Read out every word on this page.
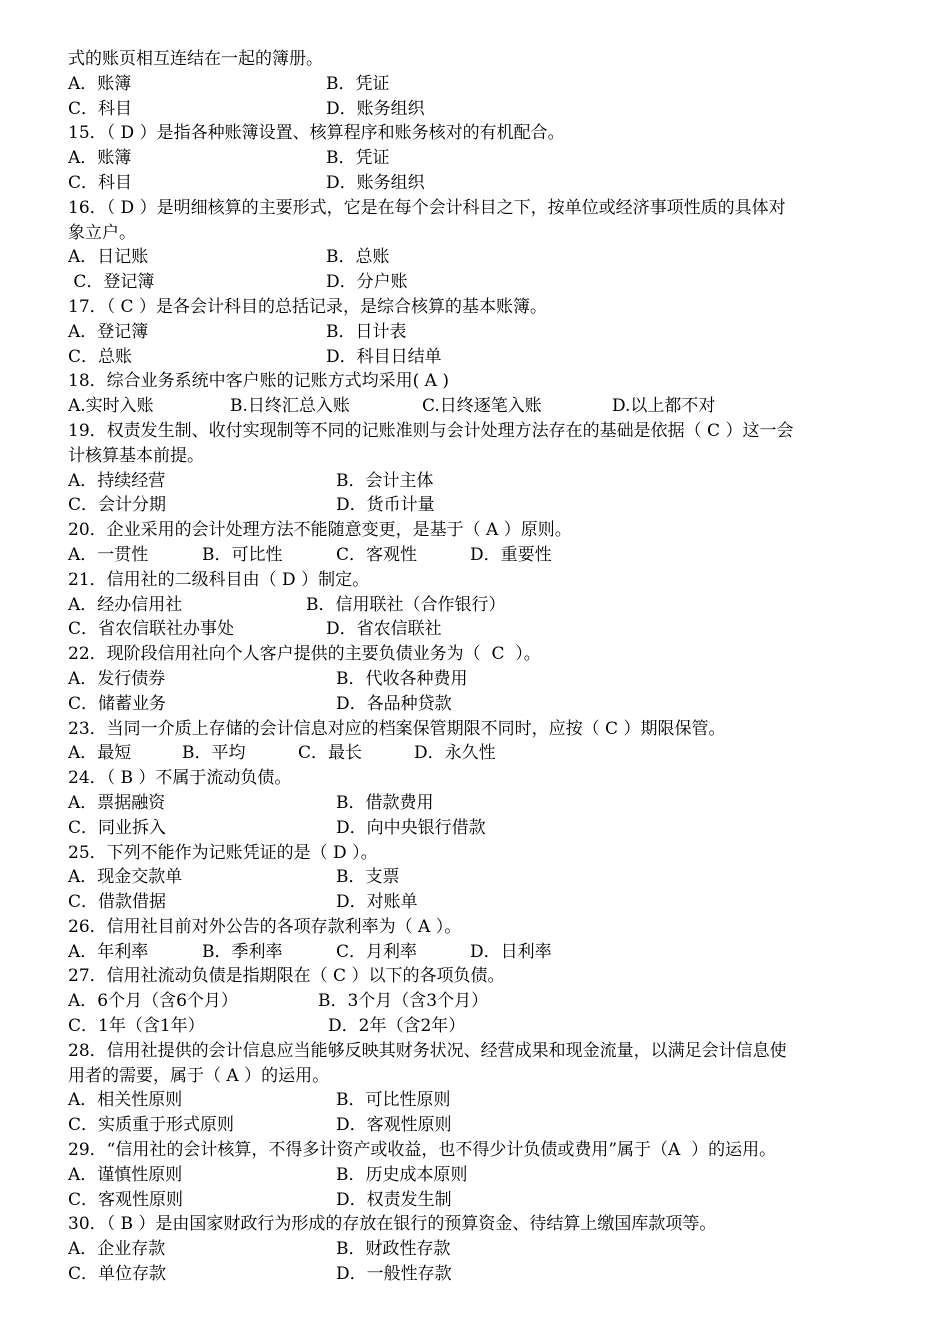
式的账页相互连结在一起的簿册。
A．账簿	B．凭证
C．科目	D．账务组织
15．（ D ）是指各种账簿设置、核算程序和账务核对的有机配合。
A．账簿	B．凭证
C．科目	D．账务组织
16．（ D ）是明细核算的主要形式，它是在每个会计科目之下，按单位或经济事项性质的具体对
象立户。
A．日记账	B．总账
C．登记簿	D．分户账
17．（ C ）是各会计科目的总括记录，是综合核算的基本账簿。
A．登记簿	B．日计表
C．总账	D．科目日结单
18．综合业务系统中客户账的记账方式均采用( A )
A.实时入账	B.日终汇总入账	C.日终逐笔入账	D.以上都不对
19．权责发生制、收付实现制等不同的记账准则与会计处理方法存在的基础是依据（ C ）这一会
计核算基本前提。
A．持续经营	B．会计主体
C．会计分期	D．货币计量
20．企业采用的会计处理方法不能随意变更，是基于（ A ）原则。
A．一贯性	B．可比性	C．客观性	D．重要性
21．信用社的二级科目由（ D ）制定。
A．经办信用社	B．信用联社（合作银行）
C．省农信联社办事处	D．省农信联社
22．现阶段信用社向个人客户提供的主要负债业务为（  C  ）。
A．发行债券	B．代收各种费用
C．储蓄业务	D．各品种贷款
23．当同一介质上存储的会计信息对应的档案保管期限不同时，应按（ C ）期限保管。
A．最短	B．平均	C．最长	D．永久性
24．（ B ）不属于流动负债。
A．票据融资	B．借款费用
C．同业拆入	D．向中央银行借款
25．下列不能作为记账凭证的是（ D ）。
A．现金交款单	B．支票
C．借款借据	D．对账单
26．信用社目前对外公告的各项存款利率为（ A ）。
A．年利率	B．季利率	C．月利率	D．日利率
27．信用社流动负债是指期限在（ C ）以下的各项负债。
A．6个月（含6个月）	B．3个月（含3个月）
C．1年（含1年）	D．2年（含2年）
28．信用社提供的会计信息应当能够反映其财务状况、经营成果和现金流量，以满足会计信息使
用者的需要，属于（ A ）的运用。
A．相关性原则	B．可比性原则
C．实质重于形式原则	D．客观性原则
29．“信用社的会计核算，不得多计资产或收益，也不得少计负债或费用”属于（A  ）的运用。
A．谨慎性原则	B．历史成本原则
C．客观性原则	D．权责发生制
30．（ B ）是由国家财政行为形成的存放在银行的预算资金、待结算上缴国库款项等。
A．企业存款	B．财政性存款
C．单位存款	D．一般性存款
